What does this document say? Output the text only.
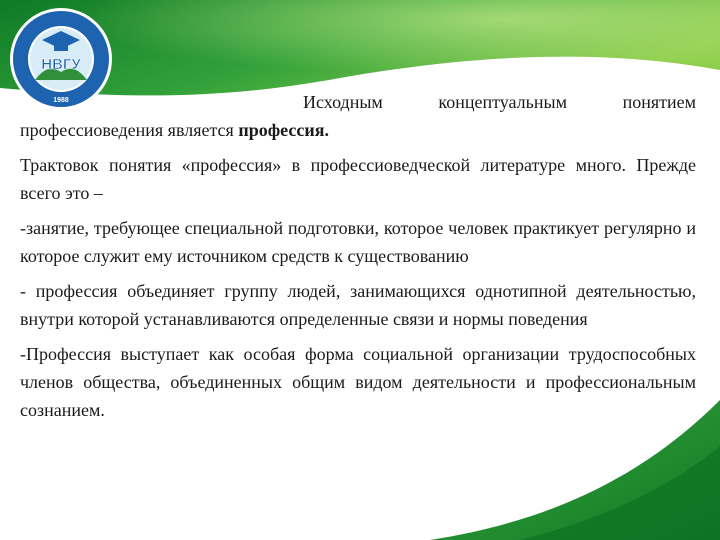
НВГУ
1988	Исходным концептуальным понятием профессиоведения является профессия.

Трактовок понятия «профессия» в профессиоведческой литературе много. Прежде всего это –

-занятие, требующее специальной подготовки, которое человек практикует регулярно и которое служит ему источником средств к существованию

- профессия объединяет группу людей, занимающихся однотипной деятельностью, внутри которой устанавливаются определенные связи и нормы поведения

-Профессия выступает как особая форма социальной организации трудоспособных членов общества, объединенных общим видом деятельности и профессиональным сознанием.
